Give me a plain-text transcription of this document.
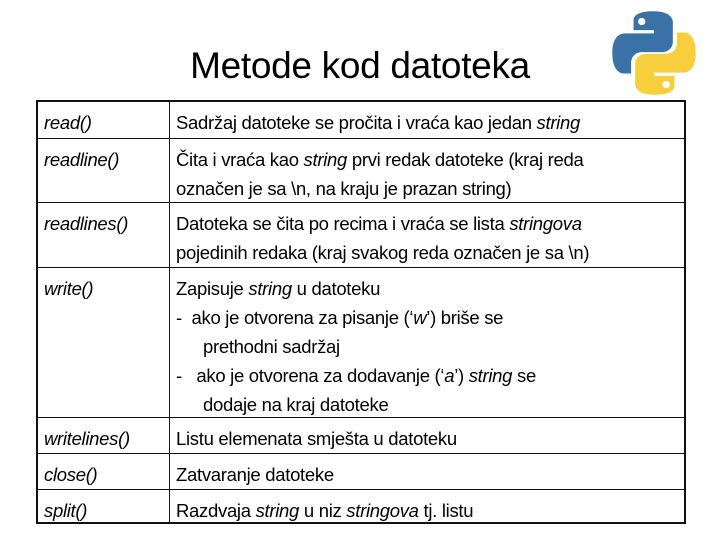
Metode kod datoteka
read()	Sadržaj datoteke se pročita i vraća kao jedan string
readline()	Čita i vraća kao string prvi redak datoteke (kraj reda
označen je sa \n, na kraju je prazan string)
readlines()	Datoteka se čita po recima i vraća se lista stringova
pojedinih redaka (kraj svakog reda označen je sa \n)
write()	Zapisuje string u datoteku
-  ako je otvorena za pisanje (‘w’) briše se
prethodni sadržaj
-   ako je otvorena za dodavanje (‘a’) string se
dodaje na kraj datoteke
writelines() Listu elemenata smješta u datoteku
close()	Zatvaranje datoteke
split()	Razdvaja string u niz stringova tj. listu
